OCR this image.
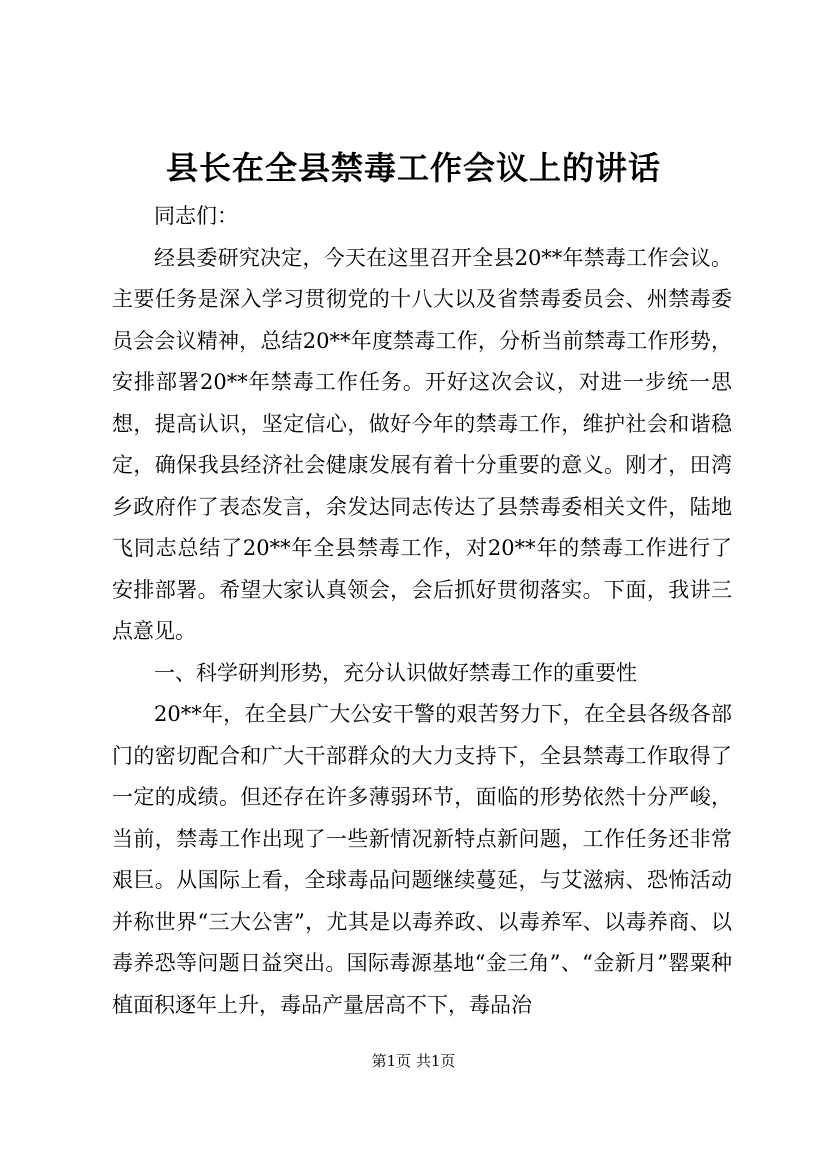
县长在全县禁毒工作会议上的讲话

同志们：

经县委研究决定，今天在这里召开全县20**年禁毒工作会议。主要任务是深入学习贯彻党的十八大以及省禁毒委员会、州禁毒委员会会议精神，总结20**年度禁毒工作，分析当前禁毒工作形势，安排部署20**年禁毒工作任务。开好这次会议，对进一步统一思想，提高认识，坚定信心，做好今年的禁毒工作，维护社会和谐稳定，确保我县经济社会健康发展有着十分重要的意义。刚才，田湾乡政府作了表态发言，余发达同志传达了县禁毒委相关文件，陆地飞同志总结了20**年全县禁毒工作，对20**年的禁毒工作进行了安排部署。希望大家认真领会，会后抓好贯彻落实。下面，我讲三点意见。

一、科学研判形势，充分认识做好禁毒工作的重要性

20**年，在全县广大公安干警的艰苦努力下，在全县各级各部门的密切配合和广大干部群众的大力支持下，全县禁毒工作取得了一定的成绩。但还存在许多薄弱环节，面临的形势依然十分严峻，当前，禁毒工作出现了一些新情况新特点新问题，工作任务还非常艰巨。从国际上看，全球毒品问题继续蔓延，与艾滋病、恐怖活动并称世界“三大公害”，尤其是以毒养政、以毒养军、以毒养商、以毒养恐等问题日益突出。国际毒源基地“金三角”、“金新月”罂粟种植面积逐年上升，毒品产量居高不下，毒品治

第1页 共1页
